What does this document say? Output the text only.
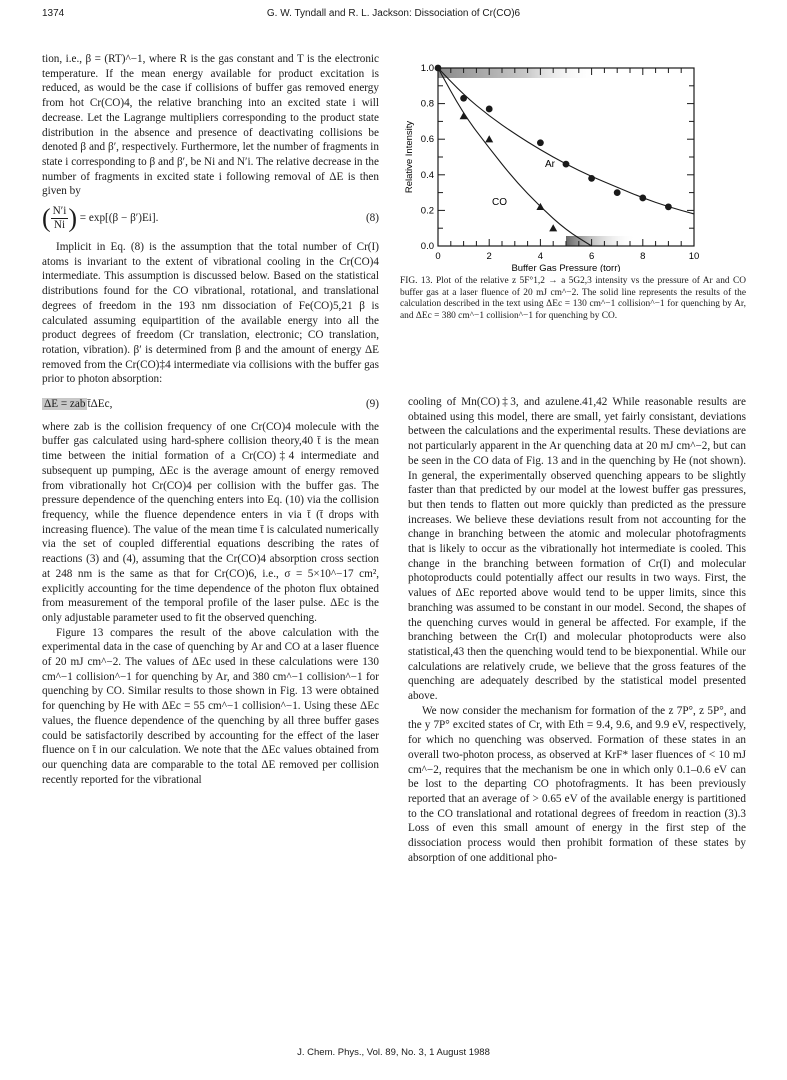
1374	G. W. Tyndall and R. L. Jackson: Dissociation of Cr(CO)6

tion, i.e., β = (RT)^−1, where R is the gas constant and T is the electronic temperature. If the mean energy available for product excitation is reduced, as would be the case if collisions of buffer gas removed energy from hot Cr(CO)4, the relative branching into an excited state i will decrease. Let the Lagrange multipliers corresponding to the product state distribution in the absence and presence of deactivating collisions be denoted β and β′, respectively. Furthermore, let the number of fragments in state i corresponding to β and β′, be Ni and N′i. The relative decrease in the number of fragments in excited state i following removal of ΔE is then given by

( $\frac{N'i}{Ni}$ ) = exp[(β − β′)Ei].	(8)

Implicit in Eq. (8) is the assumption that the total number of Cr(I) atoms is invariant to the extent of vibrational cooling in the Cr(CO)4 intermediate. This assumption is discussed below. Based on the statistical distributions found for the CO vibrational, rotational, and translational degrees of freedom in the 193 nm dissociation of Fe(CO)5,21 β is calculated assuming equipartition of the available energy into all the product degrees of freedom (Cr translation, electronic; CO translation, rotation, vibration). β′ is determined from β and the amount of energy ΔE removed from the Cr(CO)‡4 intermediate via collisions with the buffer gas prior to photon absorption:

ΔE = zab t̄ΔEc,	(9)

where zab is the collision frequency of one Cr(CO)4 molecule with the buffer gas calculated using hard-sphere collision theory,40 t̄ is the mean time between the initial formation of a Cr(CO)‡4 intermediate and subsequent up pumping, ΔEc is the average amount of energy removed from vibrationally hot Cr(CO)4 per collision with the buffer gas. The pressure dependence of the quenching enters into Eq. (10) via the collision frequency, while the fluence dependence enters in via t̄ (t̄ drops with increasing fluence). The value of the mean time t̄ is calculated numerically via the set of coupled differential equations describing the rates of reactions (3) and (4), assuming that the Cr(CO)4 absorption cross section at 248 nm is the same as that for Cr(CO)6, i.e., σ = 5×10^−17 cm², explicitly accounting for the time dependence of the photon flux obtained from measurement of the temporal profile of the laser pulse. ΔEc is the only adjustable parameter used to fit the observed quenching.

Figure 13 compares the result of the above calculation with the experimental data in the case of quenching by Ar and CO at a laser fluence of 20 mJ cm^−2. The values of ΔEc used in these calculations were 130 cm^−1 collision^−1 for quenching by Ar, and 380 cm^−1 collision^−1 for quenching by CO. Similar results to those shown in Fig. 13 were obtained for quenching by He with ΔEc = 55 cm^−1 collision^−1. Using these ΔEc values, the fluence dependence of the quenching by all three buffer gases could be satisfactorily described by accounting for the effect of the laser fluence on t̄ in our calculation. We note that the ΔEc values obtained from our quenching data are comparable to the total ΔE removed per collision recently reported for the vibrational

0.0
0.2
0.4
0.6
0.8
1.0
0	2	4	6	8	10
Relative Intensity
Buffer Gas Pressure (torr)
Ar
CO
FIG. 13. Plot of the relative z 5F°1,2 → a 5G2,3 intensity vs the pressure of Ar and CO buffer gas at a laser fluence of 20 mJ cm^−2. The solid line represents the results of the calculation described in the text using ΔEc = 130 cm^−1 collision^−1 for quenching by Ar, and ΔEc = 380 cm^−1 collision^−1 for quenching by CO.

cooling of Mn(CO)‡3, and azulene.41,42 While reasonable results are obtained using this model, there are small, yet fairly consistant, deviations between the calculations and the experimental results. These deviations are not particularly apparent in the Ar quenching data at 20 mJ cm^−2, but can be seen in the CO data of Fig. 13 and in the quenching by He (not shown). In general, the experimentally observed quenching appears to be slightly faster than that predicted by our model at the lowest buffer gas pressures, but then tends to flatten out more quickly than predicted as the pressure increases. We believe these deviations result from not accounting for the change in branching between the atomic and molecular photofragments that is likely to occur as the vibrationally hot intermediate is cooled. This change in the branching between formation of Cr(I) and molecular photoproducts could potentially affect our results in two ways. First, the values of ΔEc reported above would tend to be upper limits, since this branching was assumed to be constant in our model. Second, the shapes of the quenching curves would in general be affected. For example, if the branching between the Cr(I) and molecular photoproducts were also statistical,43 then the quenching would tend to be biexponential. While our calculations are relatively crude, we believe that the gross features of the quenching are adequately described by the statistical model presented above.

We now consider the mechanism for formation of the z 7P°, z 5P°, and the y 7P° excited states of Cr, with Eth = 9.4, 9.6, and 9.9 eV, respectively, for which no quenching was observed. Formation of these states in an overall two-photon process, as observed at KrF* laser fluences of < 10 mJ cm^−2, requires that the mechanism be one in which only 0.1–0.6 eV can be lost to the departing CO photofragments. It has been previously reported that an average of > 0.65 eV of the available energy is partitioned to the CO translational and rotational degrees of freedom in reaction (3).3 Loss of even this small amount of energy in the first step of the dissociation process would then prohibit formation of these states by absorption of one additional pho-

J. Chem. Phys., Vol. 89, No. 3, 1 August 1988
